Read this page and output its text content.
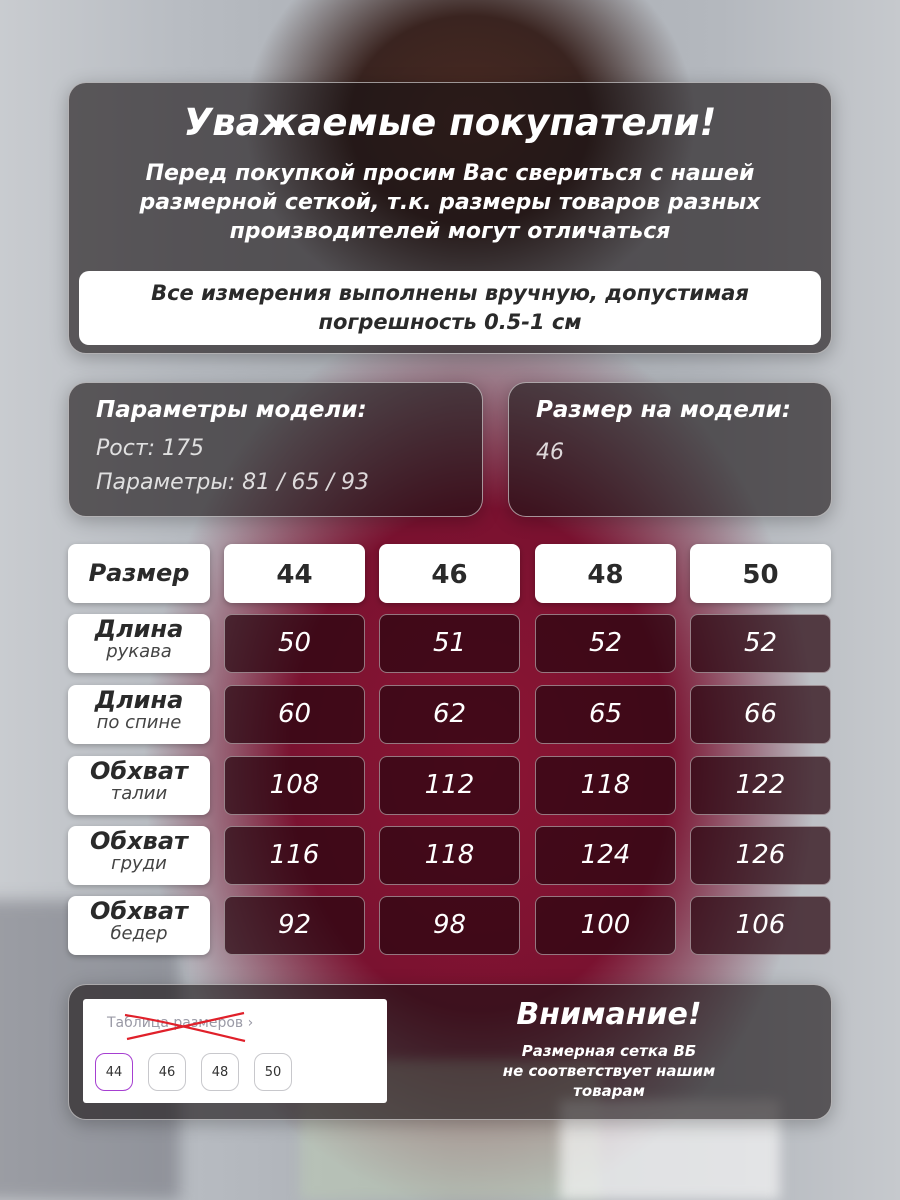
Уважаемые покупатели!
Перед покупкой просим Вас свериться с нашей
размерной сеткой, т.к. размеры товаров разных
производителей могут отличаться
Все измерения выполнены вручную, допустимая
погрешность 0.5-1 см
Параметры модели:
Рост: 175
Параметры: 81 / 65 / 93
Размер на модели:
46
Размер	44	46	48	50
Длина
рукава	50	51	52	52
Длина
по спине	60	62	65	66
Обхват
талии	108	112	118	122
Обхват
груди	116	118	124	126
Обхват
бедер	92	98	100	106
Таблица размеров ›
44	46	48	50
Внимание!
Размерная сетка ВБ
не соответствует нашим
товарам
